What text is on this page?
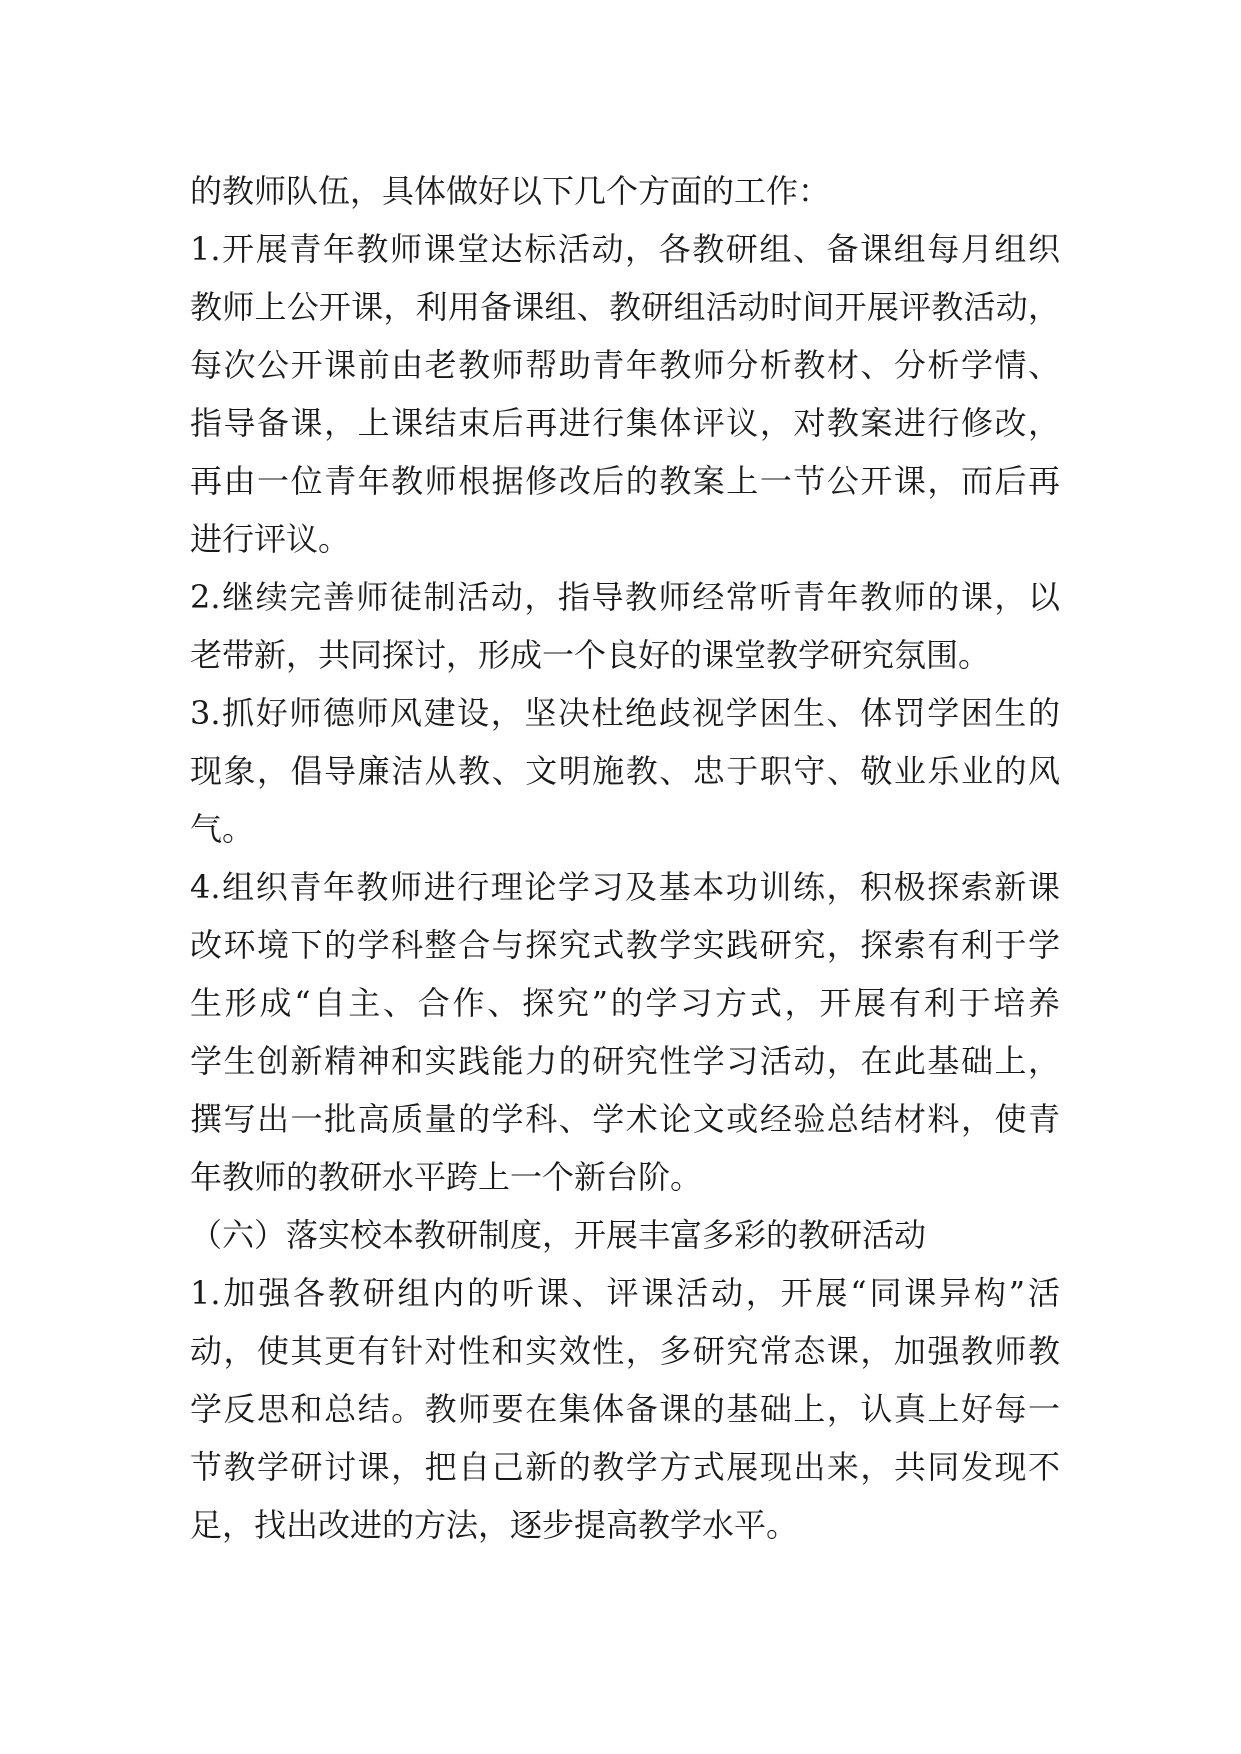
的教师队伍，具体做好以下几个方面的工作：
1.开展青年教师课堂达标活动，各教研组、备课组每月组织
教师上公开课，利用备课组、教研组活动时间开展评教活动，
每次公开课前由老教师帮助青年教师分析教材、分析学情、
指导备课，上课结束后再进行集体评议，对教案进行修改，
再由一位青年教师根据修改后的教案上一节公开课，而后再
进行评议。
2.继续完善师徒制活动，指导教师经常听青年教师的课，以
老带新，共同探讨，形成一个良好的课堂教学研究氛围。
3.抓好师德师风建设，坚决杜绝歧视学困生、体罚学困生的
现象，倡导廉洁从教、文明施教、忠于职守、敬业乐业的风
气。
4.组织青年教师进行理论学习及基本功训练，积极探索新课
改环境下的学科整合与探究式教学实践研究，探索有利于学
生形成“自主、合作、探究”的学习方式，开展有利于培养
学生创新精神和实践能力的研究性学习活动，在此基础上，
撰写出一批高质量的学科、学术论文或经验总结材料，使青
年教师的教研水平跨上一个新台阶。
（六）落实校本教研制度，开展丰富多彩的教研活动
1.加强各教研组内的听课、评课活动，开展“同课异构”活
动，使其更有针对性和实效性，多研究常态课，加强教师教
学反思和总结。教师要在集体备课的基础上，认真上好每一
节教学研讨课，把自己新的教学方式展现出来，共同发现不
足，找出改进的方法，逐步提高教学水平。
